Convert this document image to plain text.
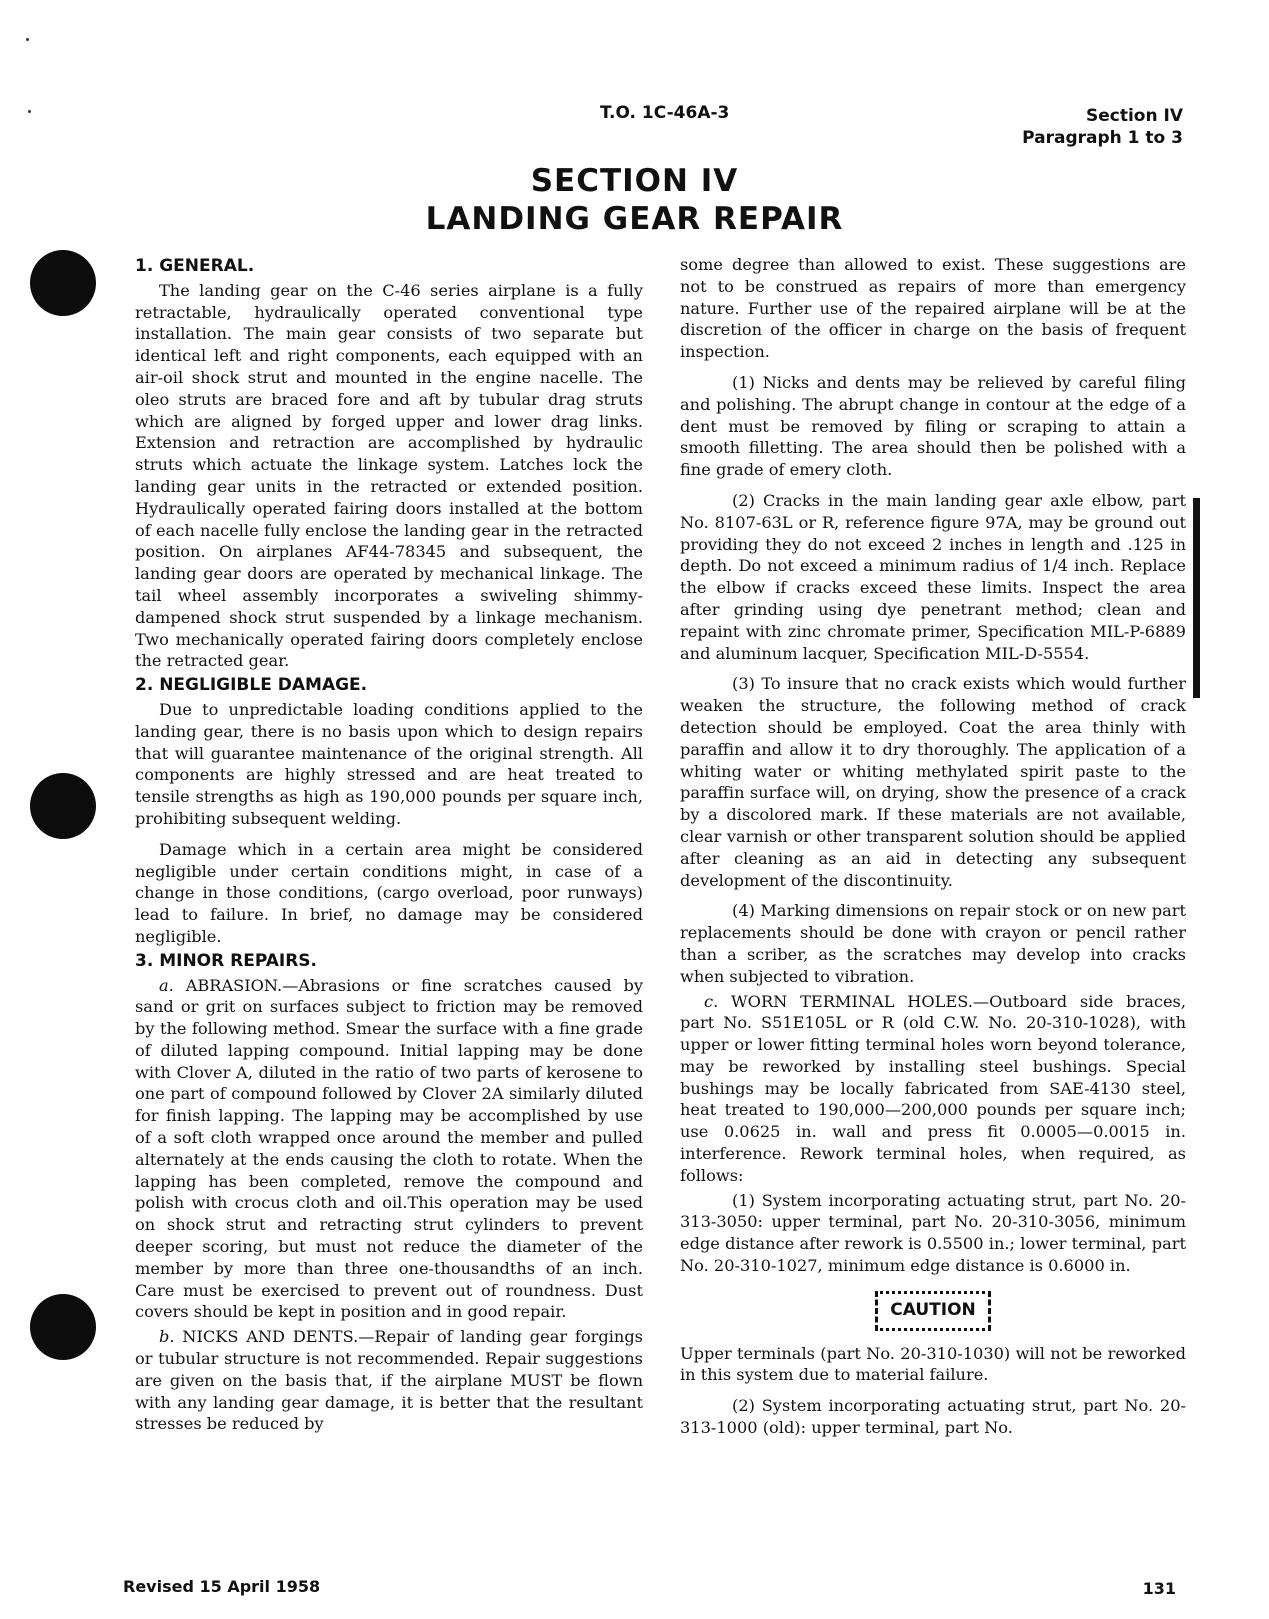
T.O. 1C-46A-3	Section IV
Paragraph 1 to 3
SECTION IV
LANDING GEAR REPAIR
1. GENERAL.

The landing gear on the C-46 series airplane is a fully retractable, hydraulically operated conventional type installation. The main gear consists of two separate but identical left and right components, each equipped with an air-oil shock strut and mounted in the engine nacelle. The oleo struts are braced fore and aft by tubular drag struts which are aligned by forged upper and lower drag links. Extension and retraction are accomplished by hydraulic struts which actuate the linkage system. Latches lock the landing gear units in the retracted or extended position. Hydraulically operated fairing doors installed at the bottom of each nacelle fully enclose the landing gear in the retracted position. On airplanes AF44-78345 and subsequent, the landing gear doors are operated by mechanical linkage. The tail wheel assembly incorporates a swiveling shimmy-dampened shock strut suspended by a linkage mechanism. Two mechanically operated fairing doors completely enclose the retracted gear.

2. NEGLIGIBLE DAMAGE.

Due to unpredictable loading conditions applied to the landing gear, there is no basis upon which to design repairs that will guarantee maintenance of the original strength. All components are highly stressed and are heat treated to tensile strengths as high as 190,000 pounds per square inch, prohibiting subsequent welding.

Damage which in a certain area might be considered negligible under certain conditions might, in case of a change in those conditions, (cargo overload, poor runways) lead to failure. In brief, no damage may be considered negligible.

3. MINOR REPAIRS.

a. ABRASION.—Abrasions or fine scratches caused by sand or grit on surfaces subject to friction may be removed by the following method. Smear the surface with a fine grade of diluted lapping compound. Initial lapping may be done with Clover A, diluted in the ratio of two parts of kerosene to one part of compound followed by Clover 2A similarly diluted for finish lapping. The lapping may be accomplished by use of a soft cloth wrapped once around the member and pulled alternately at the ends causing the cloth to rotate. When the lapping has been completed, remove the compound and polish with crocus cloth and oil.This operation may be used on shock strut and retracting strut cylinders to prevent deeper scoring, but must not reduce the diameter of the member by more than three one-thousandths of an inch. Care must be exercised to prevent out of roundness. Dust covers should be kept in position and in good repair.

b. NICKS AND DENTS.—Repair of landing gear forgings or tubular structure is not recommended. Repair suggestions are given on the basis that, if the airplane MUST be flown with any landing gear damage, it is better that the resultant stresses be reduced by

some degree than allowed to exist. These suggestions are not to be construed as repairs of more than emergency nature. Further use of the repaired airplane will be at the discretion of the officer in charge on the basis of frequent inspection.

(1) Nicks and dents may be relieved by careful filing and polishing. The abrupt change in contour at the edge of a dent must be removed by filing or scraping to attain a smooth filletting. The area should then be polished with a fine grade of emery cloth.

(2) Cracks in the main landing gear axle elbow, part No. 8107-63L or R, reference figure 97A, may be ground out providing they do not exceed 2 inches in length and .125 in depth. Do not exceed a minimum radius of 1/4 inch. Replace the elbow if cracks exceed these limits. Inspect the area after grinding using dye penetrant method; clean and repaint with zinc chromate primer, Specification MIL-P-6889 and aluminum lacquer, Specification MIL-D-5554.

(3) To insure that no crack exists which would further weaken the structure, the following method of crack detection should be employed. Coat the area thinly with paraffin and allow it to dry thoroughly. The application of a whiting water or whiting methylated spirit paste to the paraffin surface will, on drying, show the presence of a crack by a discolored mark. If these materials are not available, clear varnish or other transparent solution should be applied after cleaning as an aid in detecting any subsequent development of the discontinuity.

(4) Marking dimensions on repair stock or on new part replacements should be done with crayon or pencil rather than a scriber, as the scratches may develop into cracks when subjected to vibration.

c. WORN TERMINAL HOLES.—Outboard side braces, part No. S51E105L or R (old C.W. No. 20-310-1028), with upper or lower fitting terminal holes worn beyond tolerance, may be reworked by installing steel bushings. Special bushings may be locally fabricated from SAE-4130 steel, heat treated to 190,000—200,000 pounds per square inch; use 0.0625 in. wall and press fit 0.0005—0.0015 in. interference. Rework terminal holes, when required, as follows:

(1) System incorporating actuating strut, part No. 20-313-3050: upper terminal, part No. 20-310-3056, minimum edge distance after rework is 0.5500 in.; lower terminal, part No. 20-310-1027, minimum edge distance is 0.6000 in.

CAUTION

Upper terminals (part No. 20-310-1030) will not be reworked in this system due to material failure.

(2) System incorporating actuating strut, part No. 20-313-1000 (old): upper terminal, part No.

Revised 15 April 1958	131
